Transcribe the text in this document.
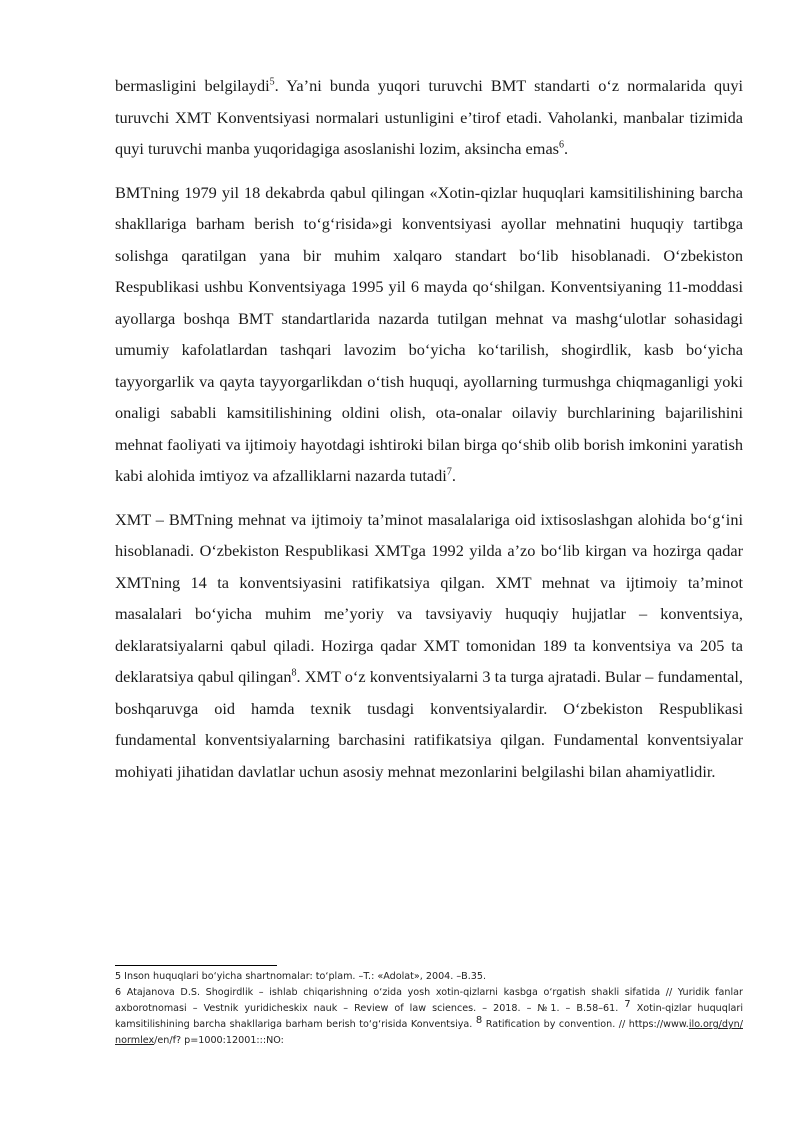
bermasligini belgilaydi$^5$. Ya’ni bunda yuqori turuvchi BMT standarti o‘z normalarida quyi turuvchi XMT Konventsiyasi normalari ustunligini e’tirof etadi. Vaholanki, manbalar tizimida quyi turuvchi manba yuqoridagiga asoslanishi lozim, aksincha emas$^6$.

BMTning 1979 yil 18 dekabrda qabul qilingan «Xotin-qizlar huquqlari kamsitilishining barcha shakllariga barham berish to‘g‘risida»gi konventsiyasi ayollar mehnatini huquqiy tartibga solishga qaratilgan yana bir muhim xalqaro standart bo‘lib hisoblanadi. O‘zbekiston Respublikasi ushbu Konventsiyaga 1995 yil 6 mayda qo‘shilgan. Konventsiyaning 11-moddasi ayollarga boshqa BMT standartlarida nazarda tutilgan mehnat va mashg‘ulotlar sohasidagi umumiy kafolatlardan tashqari lavozim bo‘yicha ko‘tarilish, shogirdlik, kasb bo‘yicha tayyorgarlik va qayta tayyorgarlikdan o‘tish huquqi, ayollarning turmushga chiqmaganligi yoki onaligi sababli kamsitilishining oldini olish, ota-onalar oilaviy burchlarining bajarilishini mehnat faoliyati va ijtimoiy hayotdagi ishtiroki bilan birga qo‘shib olib borish imkonini yaratish kabi alohida imtiyoz va afzalliklarni nazarda tutadi$^7$.

XMT – BMTning mehnat va ijtimoiy ta’minot masalalariga oid ixtisoslashgan alohida bo‘g‘ini hisoblanadi. O‘zbekiston Respublikasi XMTga 1992 yilda a’zo bo‘lib kirgan va hozirga qadar XMTning 14 ta konventsiyasini ratifikatsiya qilgan. XMT mehnat va ijtimoiy ta’minot masalalari bo‘yicha muhim me’yoriy va tavsiyaviy huquqiy hujjatlar – konventsiya, deklaratsiyalarni qabul qiladi. Hozirga qadar XMT tomonidan 189 ta konventsiya va 205 ta deklaratsiya qabul qilingan$^8$. XMT o‘z konventsiyalarni 3 ta turga ajratadi. Bular – fundamental, boshqaruvga oid hamda texnik tusdagi konventsiyalardir. O‘zbekiston Respublikasi fundamental konventsiyalarning barchasini ratifikatsiya qilgan. Fundamental konventsiyalar mohiyati jihatidan davlatlar uchun asosiy mehnat mezonlarini belgilashi bilan ahamiyatlidir.

5 Inson huquqlari bo‘yicha shartnomalar: to‘plam. –T.: «Adolat», 2004. –B.35.

6 Atajanova D.S. Shogirdlik – ishlab chiqarishning o‘zida yosh xotin-qizlarni kasbga o‘rgatish shakli sifatida // Yuridik fanlar axborotnomasi – Vestnik yuridicheskix nauk – Review of law sciences. – 2018. – №1. – B.58–61. $^7$ Xotin-qizlar huquqlari kamsitilishining barcha shakllariga barham berish to‘g‘risida Konventsiya. $^8$ Ratification by convention. // https://www.ilo.org/dyn/ normlex/en/f? p=1000:12001:::NO:
